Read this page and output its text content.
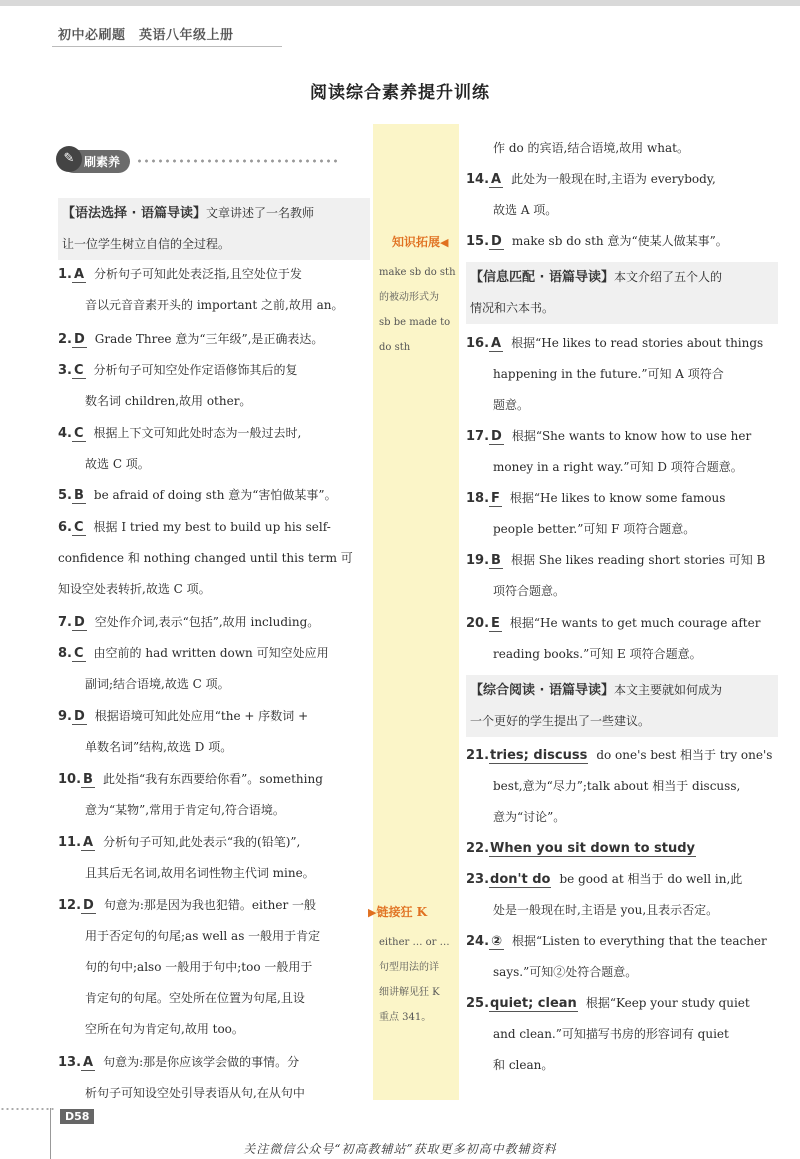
初中必刷题　英语八年级上册
阅读综合素养提升训练
✎ 刷素养
【语法选择 · 语篇导读】文章讲述了一名教师
让一位学生树立自信的全过程。
1. A 分析句子可知此处表泛指,且空处位于发
音以元音音素开头的 important 之前,故用 an。
2. D Grade Three 意为“三年级”,是正确表达。
3. C 分析句子可知空处作定语修饰其后的复
数名词 children,故用 other。
4. C 根据上下文可知此处时态为一般过去时,
故选 C 项。
5. B be afraid of doing sth 意为“害怕做某事”。
6. C 根据 I tried my best to build up his self-
confidence 和 nothing changed until this term 可
知设空处表转折,故选 C 项。
7. D 空处作介词,表示“包括”,故用 including。
8. C 由空前的 had written down 可知空处应用
副词;结合语境,故选 C 项。
9. D 根据语境可知此处应用“the + 序数词 +
单数名词”结构,故选 D 项。
10. B 此处指“我有东西要给你看”。something
意为“某物”,常用于肯定句,符合语境。
11. A 分析句子可知,此处表示“我的(铅笔)”,
且其后无名词,故用名词性物主代词 mine。
12. D 句意为:那是因为我也犯错。either 一般
用于否定句的句尾;as well as 一般用于肯定
句的句中;also 一般用于句中;too 一般用于
肯定句的句尾。空处所在位置为句尾,且设
空所在句为肯定句,故用 too。
13. A 句意为:那是你应该学会做的事情。分
析句子可知设空处引导表语从句,在从句中
知识拓展◀
make sb do sth
的被动形式为
sb be made to
do sth
▶链接狂 K
either … or …
句型用法的详
细讲解见狂 K
重点 341。
作 do 的宾语,结合语境,故用 what。
14. A 此处为一般现在时,主语为 everybody,
故选 A 项。
15. D make sb do sth 意为“使某人做某事”。
【信息匹配 · 语篇导读】本文介绍了五个人的
情况和六本书。
16. A 根据“He likes to read stories about things
happening in the future.”可知 A 项符合
题意。
17. D 根据“She wants to know how to use her
money in a right way.”可知 D 项符合题意。
18. F 根据“He likes to know some famous
people better.”可知 F 项符合题意。
19. B 根据 She likes reading short stories 可知 B
项符合题意。
20. E 根据“He wants to get much courage after
reading books.”可知 E 项符合题意。
【综合阅读 · 语篇导读】本文主要就如何成为
一个更好的学生提出了一些建议。
21.tries; discuss do one's best 相当于 try one's
best,意为“尽力”;talk about 相当于 discuss,
意为“讨论”。
22.When you sit down to study
23.don't do be good at 相当于 do well in,此
处是一般现在时,主语是 you,且表示否定。
24. ② 根据“Listen to everything that the teacher
says.”可知②处符合题意。
25.quiet; clean 根据“Keep your study quiet
and clean.”可知描写书房的形容词有 quiet
和 clean。
D58
关注微信公众号“初高教辅站”获取更多初高中教辅资料
